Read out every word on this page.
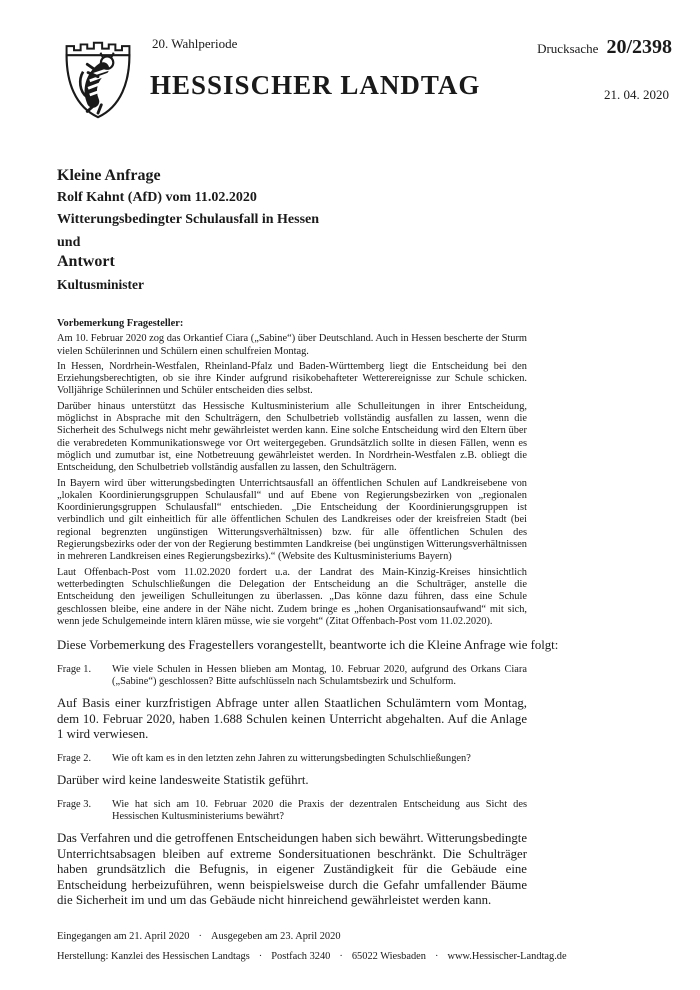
20. Wahlperiode
HESSISCHER LANDTAG
Drucksache 20/2398
21. 04. 2020
Kleine Anfrage
Rolf Kahnt (AfD) vom 11.02.2020
Witterungsbedingter Schulausfall in Hessen
und
Antwort
Kultusminister
Vorbemerkung Fragesteller:

Am 10. Februar 2020 zog das Orkantief Ciara („Sabine“) über Deutschland. Auch in Hessen bescherte der Sturm vielen Schülerinnen und Schülern einen schulfreien Montag.

In Hessen, Nordrhein-Westfalen, Rheinland-Pfalz und Baden-Württemberg liegt die Entscheidung bei den Erziehungsberechtigten, ob sie ihre Kinder aufgrund risikobehafteter Wetterereignisse zur Schule schicken. Volljährige Schülerinnen und Schüler entscheiden dies selbst.

Darüber hinaus unterstützt das Hessische Kultusministerium alle Schulleitungen in ihrer Entscheidung, möglichst in Absprache mit den Schulträgern, den Schulbetrieb vollständig ausfallen zu lassen, wenn die Sicherheit des Schulwegs nicht mehr gewährleistet werden kann. Eine solche Entscheidung wird den Eltern über die verabredeten Kommunikationswege vor Ort weitergegeben. Grundsätzlich sollte in diesen Fällen, wenn es möglich und zumutbar ist, eine Notbetreuung gewährleistet werden. In Nordrhein-Westfalen z.B. obliegt die Entscheidung, den Schulbetrieb vollständig ausfallen zu lassen, den Schulträgern.

In Bayern wird über witterungsbedingten Unterrichtsausfall an öffentlichen Schulen auf Landkreisebene von „lokalen Koordinierungsgruppen Schulausfall“ und auf Ebene von Regierungsbezirken von „regionalen Koordinierungsgruppen Schulausfall“ entschieden. „Die Entscheidung der Koordinierungsgruppen ist verbindlich und gilt einheitlich für alle öffentlichen Schulen des Landkreises oder der kreisfreien Stadt (bei regional begrenzten ungünstigen Witterungsverhältnissen) bzw. für alle öffentlichen Schulen des Regierungsbezirks oder der von der Regierung bestimmten Landkreise (bei ungünstigen Witterungsverhältnissen in mehreren Landkreisen eines Regierungsbezirks).“ (Website des Kultusministeriums Bayern)

Laut Offenbach-Post vom 11.02.2020 fordert u.a. der Landrat des Main-Kinzig-Kreises hinsichtlich wetterbedingten Schulschließungen die Delegation der Entscheidung an die Schulträger, anstelle die Entscheidung den jeweiligen Schulleitungen zu überlassen. „Das könne dazu führen, dass eine Schule geschlossen bleibe, eine andere in der Nähe nicht. Zudem bringe es „hohen Organisationsaufwand“ mit sich, wenn jede Schulgemeinde intern klären müsse, wie sie vorgeht“ (Zitat Offenbach-Post vom 11.02.2020).

Diese Vorbemerkung des Fragestellers vorangestellt, beantworte ich die Kleine Anfrage wie folgt:

Frage 1.	Wie viele Schulen in Hessen blieben am Montag, 10. Februar 2020, aufgrund des Orkans Ciara („Sabine“) geschlossen? Bitte aufschlüsseln nach Schulamtsbezirk und Schulform.

Auf Basis einer kurzfristigen Abfrage unter allen Staatlichen Schulämtern vom Montag, dem 10. Februar 2020, haben 1.688 Schulen keinen Unterricht abgehalten. Auf die Anlage 1 wird verwiesen.

Frage 2.	Wie oft kam es in den letzten zehn Jahren zu witterungsbedingten Schulschließungen?

Darüber wird keine landesweite Statistik geführt.

Frage 3.	Wie hat sich am 10. Februar 2020 die Praxis der dezentralen Entscheidung aus Sicht des Hessischen Kultusministeriums bewährt?

Das Verfahren und die getroffenen Entscheidungen haben sich bewährt. Witterungsbedingte Unterrichtsabsagen bleiben auf extreme Sondersituationen beschränkt. Die Schulträger haben grundsätzlich die Befugnis, in eigener Zuständigkeit für die Gebäude eine Entscheidung herbeizuführen, wenn beispielsweise durch die Gefahr umfallender Bäume die Sicherheit im und um das Gebäude nicht hinreichend gewährleistet werden kann.

Eingegangen am 21. April 2020 · Ausgegeben am 23. April 2020
Herstellung: Kanzlei des Hessischen Landtags · Postfach 3240 · 65022 Wiesbaden · www.Hessischer-Landtag.de
